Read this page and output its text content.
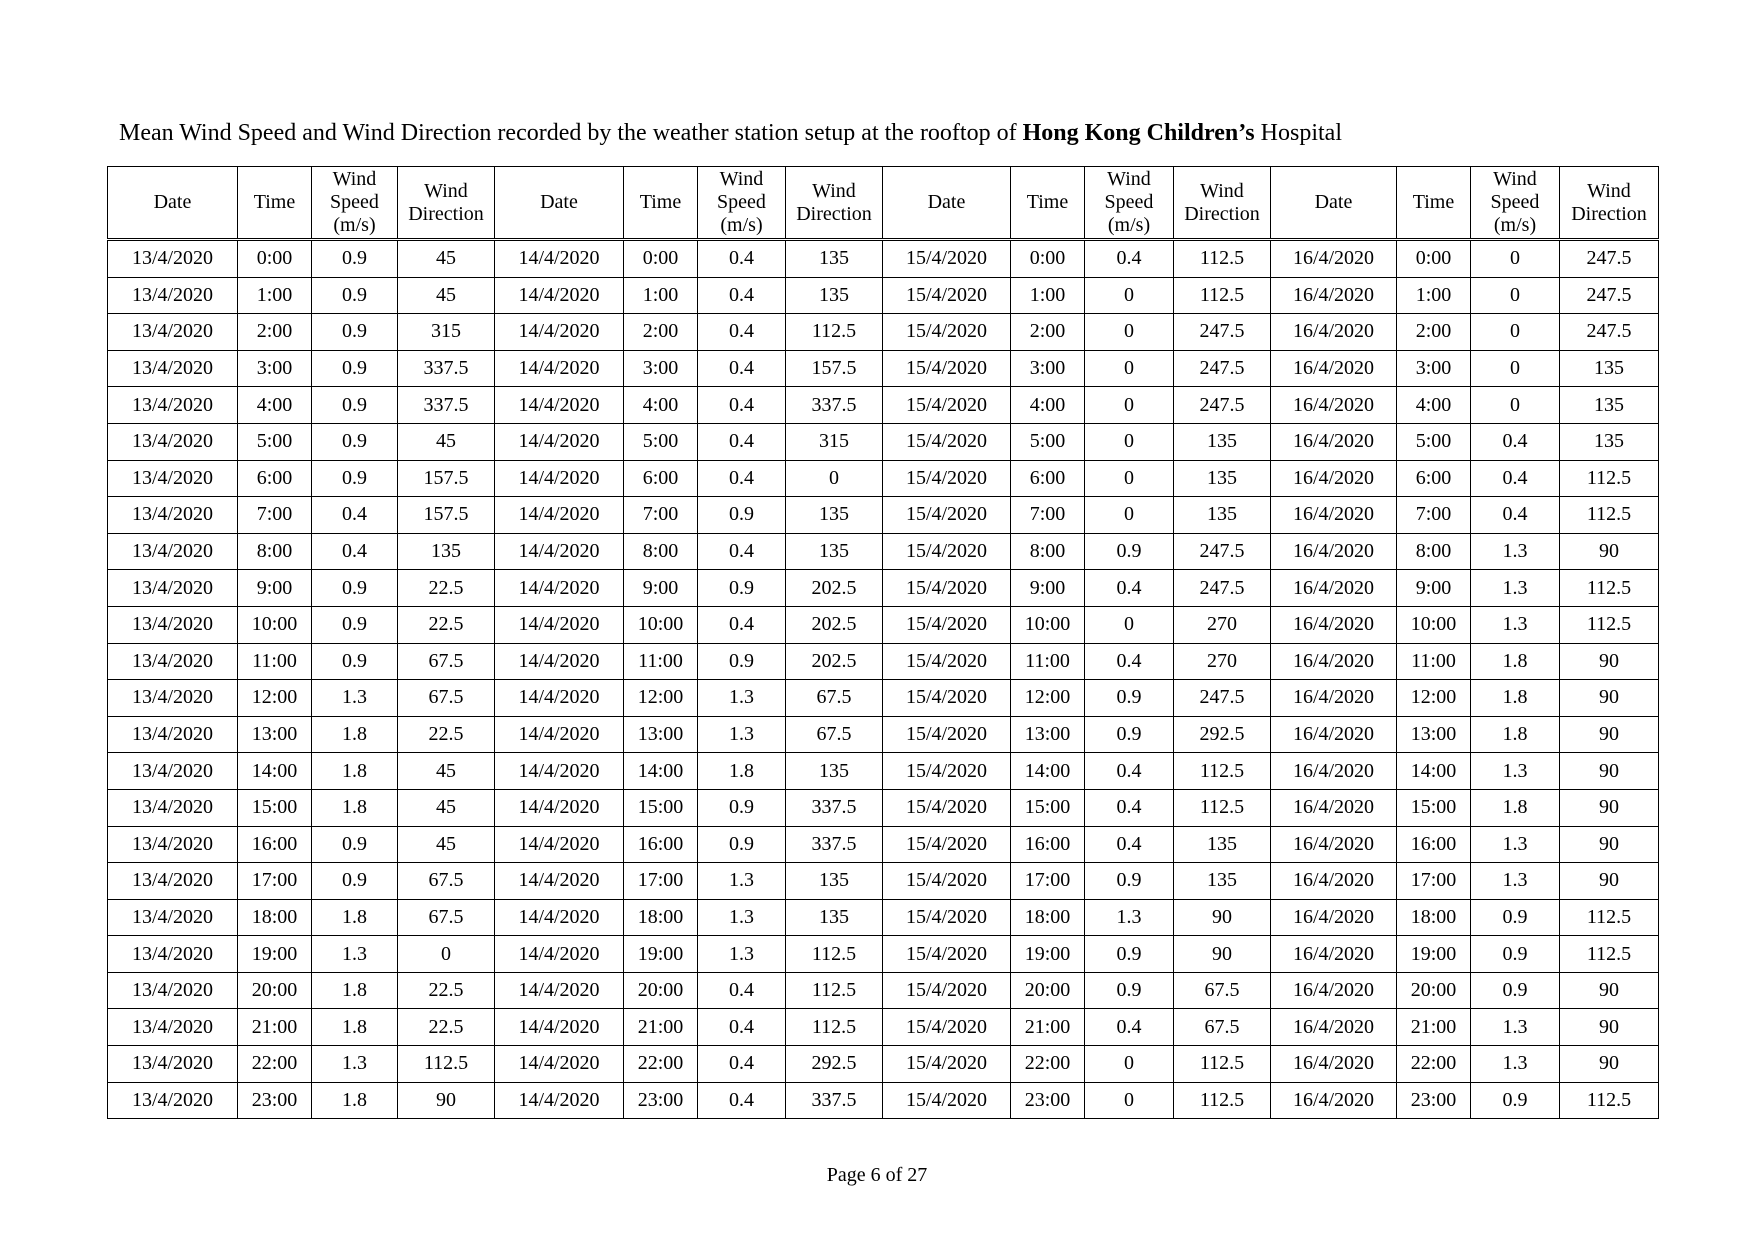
Mean Wind Speed and Wind Direction recorded by the weather station setup at the rooftop of Hong Kong Children’s Hospital
Date	Time	Wind Speed (m/s)	Wind Direction	Date	Time	Wind Speed (m/s)	Wind Direction	Date	Time	Wind Speed (m/s)	Wind Direction	Date	Time	Wind Speed (m/s)	Wind Direction
13/4/2020	0:00	0.9	45	14/4/2020	0:00	0.4	135	15/4/2020	0:00	0.4	112.5	16/4/2020	0:00	0	247.5
13/4/2020	1:00	0.9	45	14/4/2020	1:00	0.4	135	15/4/2020	1:00	0	112.5	16/4/2020	1:00	0	247.5
13/4/2020	2:00	0.9	315	14/4/2020	2:00	0.4	112.5	15/4/2020	2:00	0	247.5	16/4/2020	2:00	0	247.5
13/4/2020	3:00	0.9	337.5	14/4/2020	3:00	0.4	157.5	15/4/2020	3:00	0	247.5	16/4/2020	3:00	0	135
13/4/2020	4:00	0.9	337.5	14/4/2020	4:00	0.4	337.5	15/4/2020	4:00	0	247.5	16/4/2020	4:00	0	135
13/4/2020	5:00	0.9	45	14/4/2020	5:00	0.4	315	15/4/2020	5:00	0	135	16/4/2020	5:00	0.4	135
13/4/2020	6:00	0.9	157.5	14/4/2020	6:00	0.4	0	15/4/2020	6:00	0	135	16/4/2020	6:00	0.4	112.5
13/4/2020	7:00	0.4	157.5	14/4/2020	7:00	0.9	135	15/4/2020	7:00	0	135	16/4/2020	7:00	0.4	112.5
13/4/2020	8:00	0.4	135	14/4/2020	8:00	0.4	135	15/4/2020	8:00	0.9	247.5	16/4/2020	8:00	1.3	90
13/4/2020	9:00	0.9	22.5	14/4/2020	9:00	0.9	202.5	15/4/2020	9:00	0.4	247.5	16/4/2020	9:00	1.3	112.5
13/4/2020	10:00	0.9	22.5	14/4/2020	10:00	0.4	202.5	15/4/2020	10:00	0	270	16/4/2020	10:00	1.3	112.5
13/4/2020	11:00	0.9	67.5	14/4/2020	11:00	0.9	202.5	15/4/2020	11:00	0.4	270	16/4/2020	11:00	1.8	90
13/4/2020	12:00	1.3	67.5	14/4/2020	12:00	1.3	67.5	15/4/2020	12:00	0.9	247.5	16/4/2020	12:00	1.8	90
13/4/2020	13:00	1.8	22.5	14/4/2020	13:00	1.3	67.5	15/4/2020	13:00	0.9	292.5	16/4/2020	13:00	1.8	90
13/4/2020	14:00	1.8	45	14/4/2020	14:00	1.8	135	15/4/2020	14:00	0.4	112.5	16/4/2020	14:00	1.3	90
13/4/2020	15:00	1.8	45	14/4/2020	15:00	0.9	337.5	15/4/2020	15:00	0.4	112.5	16/4/2020	15:00	1.8	90
13/4/2020	16:00	0.9	45	14/4/2020	16:00	0.9	337.5	15/4/2020	16:00	0.4	135	16/4/2020	16:00	1.3	90
13/4/2020	17:00	0.9	67.5	14/4/2020	17:00	1.3	135	15/4/2020	17:00	0.9	135	16/4/2020	17:00	1.3	90
13/4/2020	18:00	1.8	67.5	14/4/2020	18:00	1.3	135	15/4/2020	18:00	1.3	90	16/4/2020	18:00	0.9	112.5
13/4/2020	19:00	1.3	0	14/4/2020	19:00	1.3	112.5	15/4/2020	19:00	0.9	90	16/4/2020	19:00	0.9	112.5
13/4/2020	20:00	1.8	22.5	14/4/2020	20:00	0.4	112.5	15/4/2020	20:00	0.9	67.5	16/4/2020	20:00	0.9	90
13/4/2020	21:00	1.8	22.5	14/4/2020	21:00	0.4	112.5	15/4/2020	21:00	0.4	67.5	16/4/2020	21:00	1.3	90
13/4/2020	22:00	1.3	112.5	14/4/2020	22:00	0.4	292.5	15/4/2020	22:00	0	112.5	16/4/2020	22:00	1.3	90
13/4/2020	23:00	1.8	90	14/4/2020	23:00	0.4	337.5	15/4/2020	23:00	0	112.5	16/4/2020	23:00	0.9	112.5
Page 6 of 27
